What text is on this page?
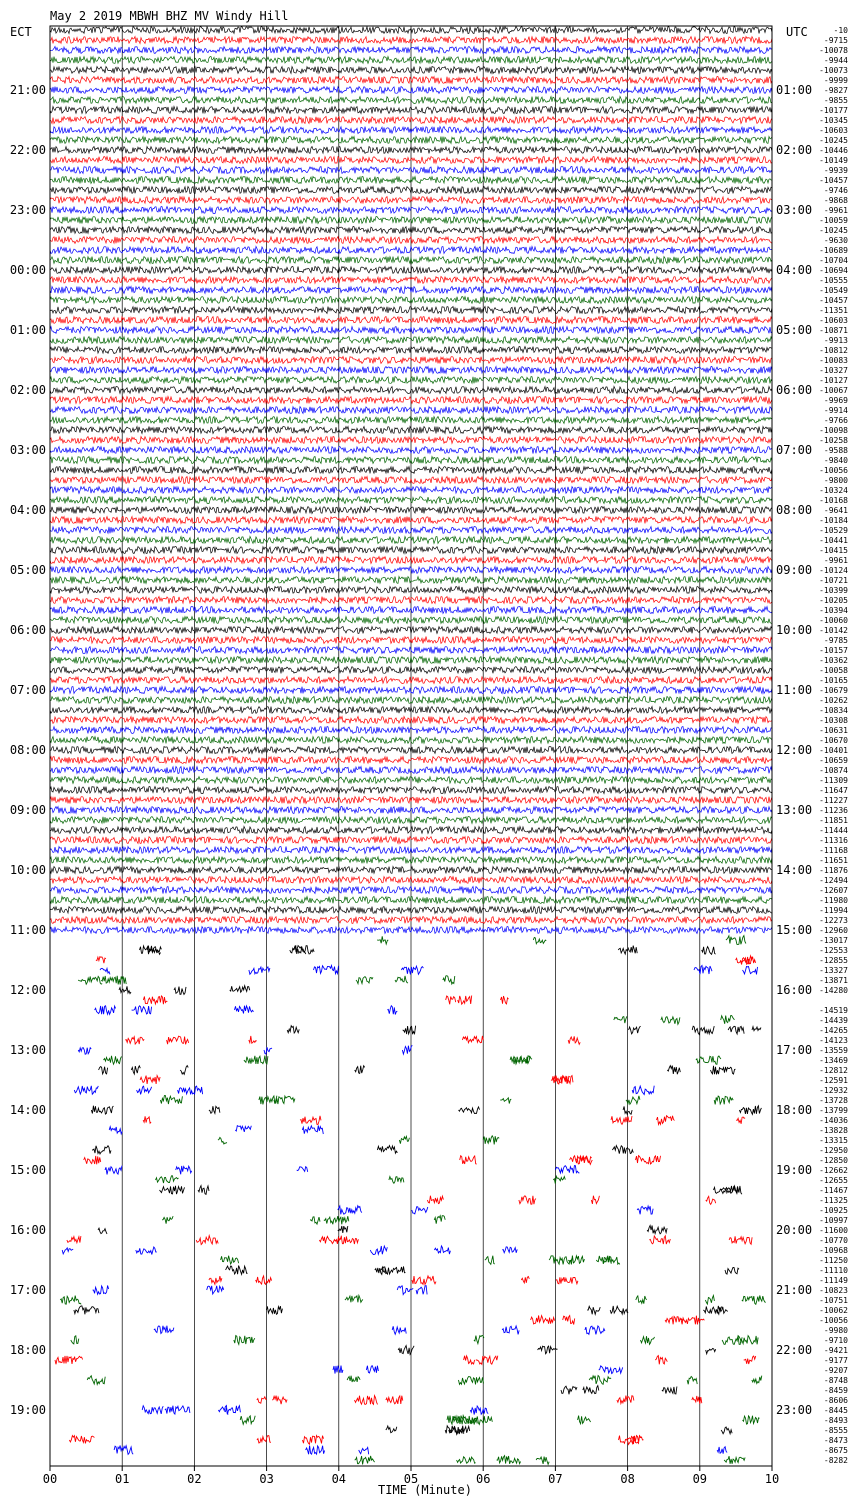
May 2 2019 MBWH BHZ MV Windy Hill
ECT	UTC
21:00
22:00
23:00
00:00
01:00
02:00
03:00
04:00
05:00
06:00
07:00
08:00
09:00
10:00
11:00
12:00
13:00
14:00
15:00
16:00
17:00
18:00
19:00
01:00
02:00
03:00
04:00
05:00
06:00
07:00
08:00
09:00
10:00
11:00
12:00
13:00
14:00
15:00
16:00
17:00
18:00
19:00
20:00
21:00
22:00
23:00
-10
-9715
-10078
-9944
-10073
-9999
-9827
-9855
-10177
-10345
-10603
-10245
-10446
-10149
-9939
-10457
-9746
-9868
-9961
-10059
-10245
-9630
-10689
-10704
-10694
-10555
-10549
-10457
-11351
-10603
-10871
-9913
-10812
-10083
-10327
-10127
-10067
-9969
-9914
-9766
-10098
-10258
-9588
-9840
-10056
-9800
-10324
-10168
-9641
-10184
-10529
-10441
-10415
-9961
-10124
-10721
-10399
-10205
-10394
-10060
-10142
-9785
-10157
-10362
-10058
-10165
-10679
-10262
-10834
-10308
-10631
-10670
-10401
-10659
-10874
-11309
-11647
-11227
-11236
-11851
-11444
-11316
-11168
-11651
-11876
-12494
-12607
-11980
-11994
-12273
-12960
-13017
-12553
-12855
-13327
-13871
-14280
-14519
-14439
-14265
-14123
-13559
-13469
-12812
-12591
-12932
-13728
-13799
-14036
-13828
-13315
-12950
-12850
-12662
-12655
-11467
-11325
-10925
-10997
-11600
-10770
-10968
-11250
-11110
-11149
-10823
-10751
-10062
-10056
-9980
-9710
-9421
-9177
-9207
-8748
-8459
-8606
-8445
-8493
-8555
-8473
-8675
-8282
00	01	02	03	04	05	06	07	08	09	10
TIME (Minute)
